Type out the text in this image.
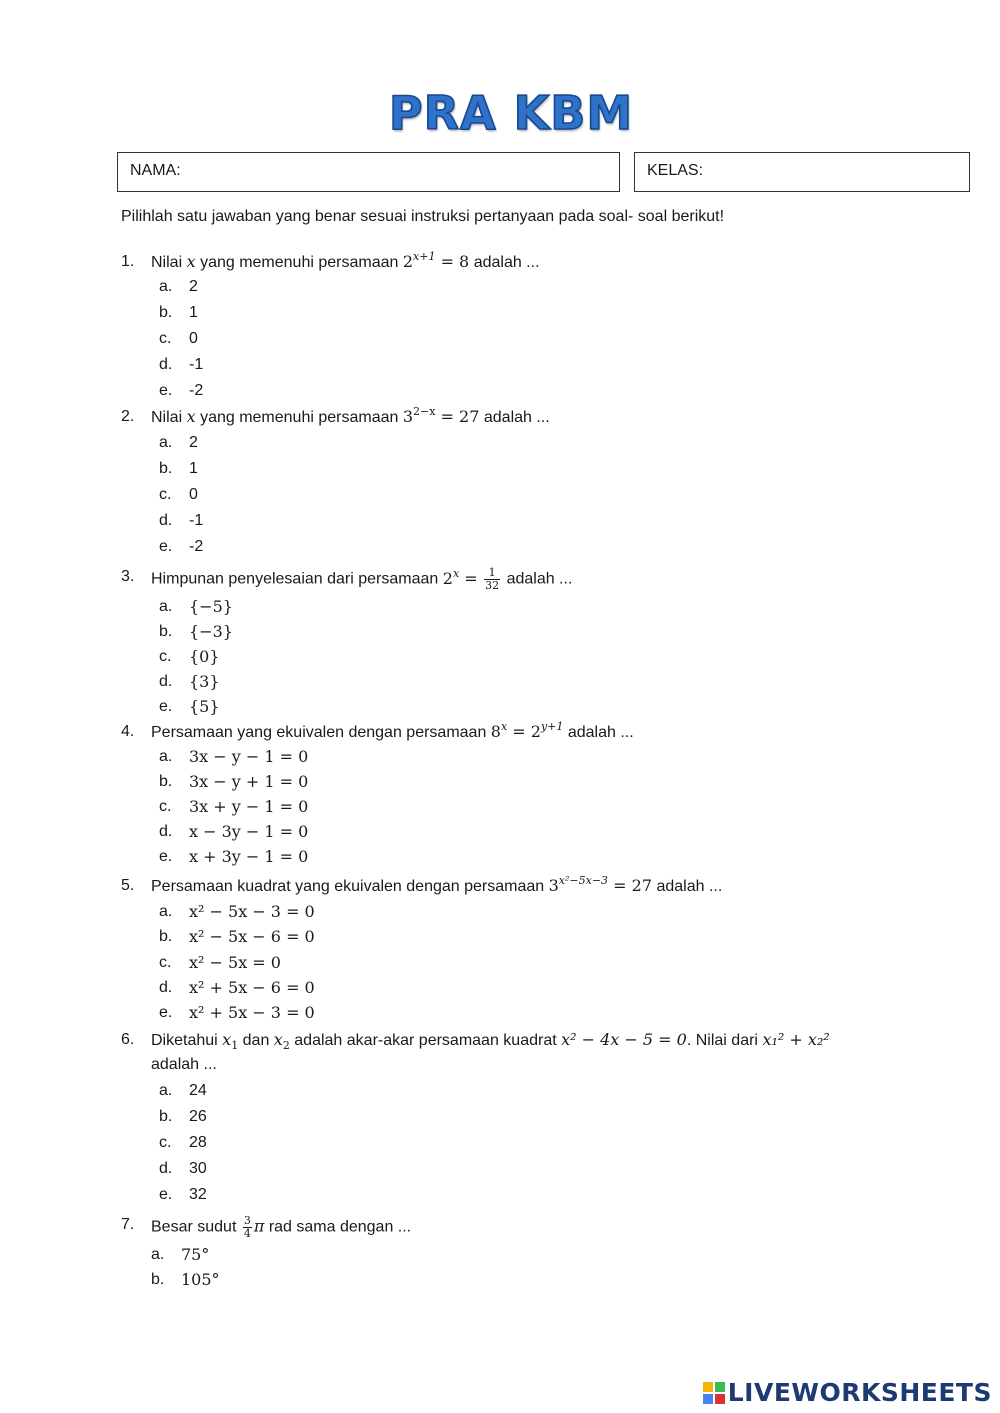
PRA KBM
NAMA:	KELAS:
Pilihlah satu jawaban yang benar sesuai instruksi pertanyaan pada soal- soal berikut!
1. Nilai x yang memenuhi persamaan $2^{x+1} = 8$ adalah ...
a. 2
b. 1
c. 0
d. -1
e. -2
2. Nilai x yang memenuhi persamaan $3^{2-x} = 27$ adalah ...
a. 2
b. 1
c. 0
d. -1
e. -2
3. Himpunan penyelesaian dari persamaan $2^x = \frac{1}{32}$ adalah ...
a. {−5}
b. {−3}
c. {0}
d. {3}
e. {5}
4. Persamaan yang ekuivalen dengan persamaan $8^x = 2^{y+1}$ adalah ...
a. 3x − y − 1 = 0
b. 3x − y + 1 = 0
c. 3x + y − 1 = 0
d. x − 3y − 1 = 0
e. x + 3y − 1 = 0
5. Persamaan kuadrat yang ekuivalen dengan persamaan $3^{x^2-5x-3} = 27$ adalah ...
a. x² − 5x − 3 = 0
b. x² − 5x − 6 = 0
c. x² − 5x = 0
d. x² + 5x − 6 = 0
e. x² + 5x − 3 = 0
6. Diketahui $x_1$ dan $x_2$ adalah akar-akar persamaan kuadrat x² − 4x − 5 = 0. Nilai dari x₁² + x₂²
adalah ...
a. 24
b. 26
c. 28
d. 30
e. 32
7. Besar sudut $\frac{3}{4}$ π rad sama dengan ...
a. 75°
b. 105°
LIVEWORKSHEETS
